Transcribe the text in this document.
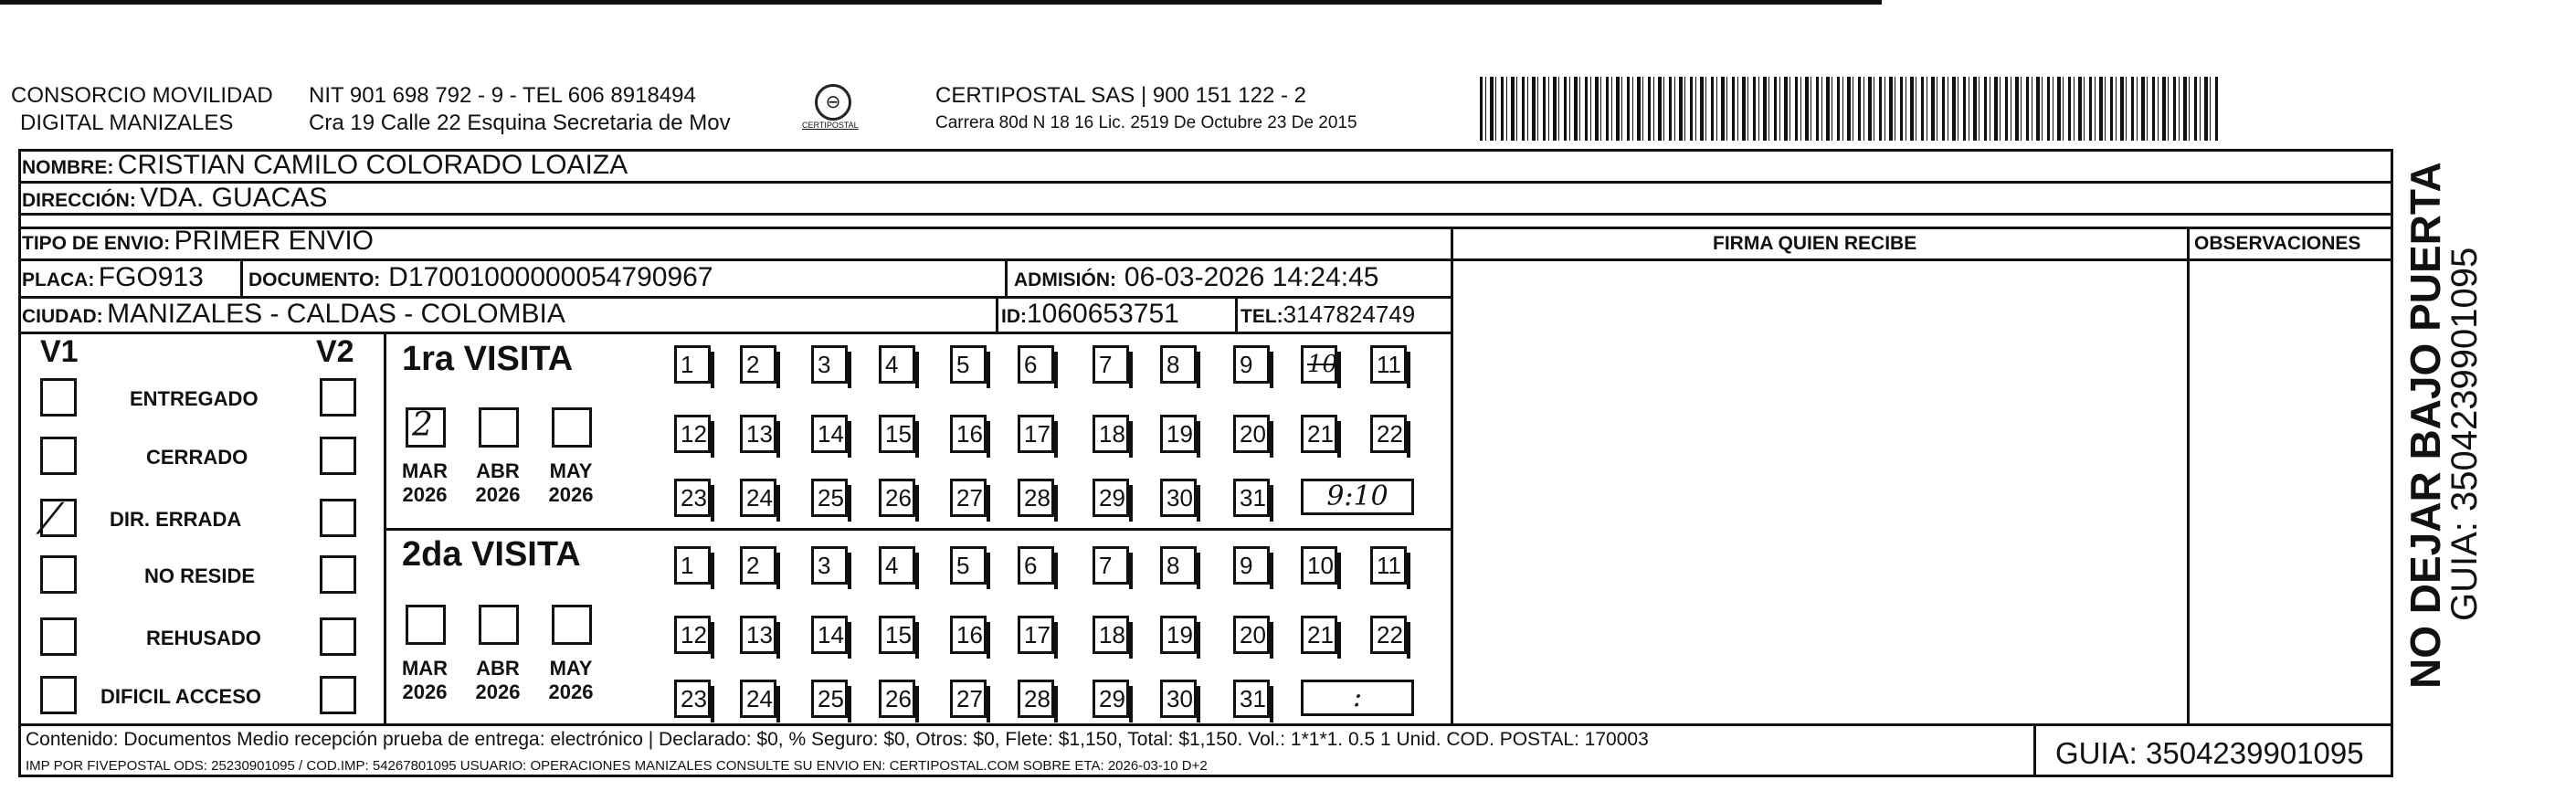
CONSORCIO MOVILIDAD
DIGITAL MANIZALES
NIT 901 698 792 - 9 - TEL 606 8918494
Cra 19 Calle 22 Esquina Secretaria de Mov
⊖
CERTIPOSTAL
CERTIPOSTAL SAS | 900 151 122 - 2
Carrera 80d N 18 16 Lic. 2519 De Octubre 23 De 2015
NOMBRE: CRISTIAN CAMILO COLORADO LOAIZA
DIRECCIÓN: VDA. GUACAS
TIPO DE ENVIO: PRIMER ENVIO	FIRMA QUIEN RECIBE	OBSERVACIONES
PLACA: FGO913 DOCUMENTO: D17001000000054790967	ADMISIÓN: 06-03-2026 14:24:45
CIUDAD: MANIZALES - CALDAS - COLOMBIA	ID:1060653751	TEL:3147824749
V1	V2
ENTREGADO
CERRADO
⁄	DIR. ERRADA
NO RESIDE
REHUSADO
DIFICIL ACCESO
1ra VISITA
2da VISITA
2
MAR
2026
ABR
2026
MAY
2026
MAR
2026
ABR
2026
MAY
2026
1	2	3	4	5	6	7	8	9	10 11
12 13 14 15 16 17 18 19 20 21 22
23 24 25 26 27 28 29 30 31	9:10
1	2	3	4	5	6	7	8	9	10 11
12 13 14 15 16 17 18 19 20 21 22
23 24 25 26 27 28 29 30 31	:
Contenido: Documentos Medio recepción prueba de entrega: electrónico | Declarado: $0, % Seguro: $0, Otros: $0, Flete: $1,150, Total: $1,150. Vol.: 1*1*1. 0.5 1 Unid. COD. POSTAL: 170003
IMP POR FIVEPOSTAL ODS: 25230901095 / COD.IMP: 54267801095 USUARIO: OPERACIONES MANIZALES CONSULTE SU ENVIO EN: CERTIPOSTAL.COM SOBRE ETA: 2026-03-10 D+2	GUIA: 3504239901095
NO DEJAR BAJO PUERTA
GUIA: 3504239901095
